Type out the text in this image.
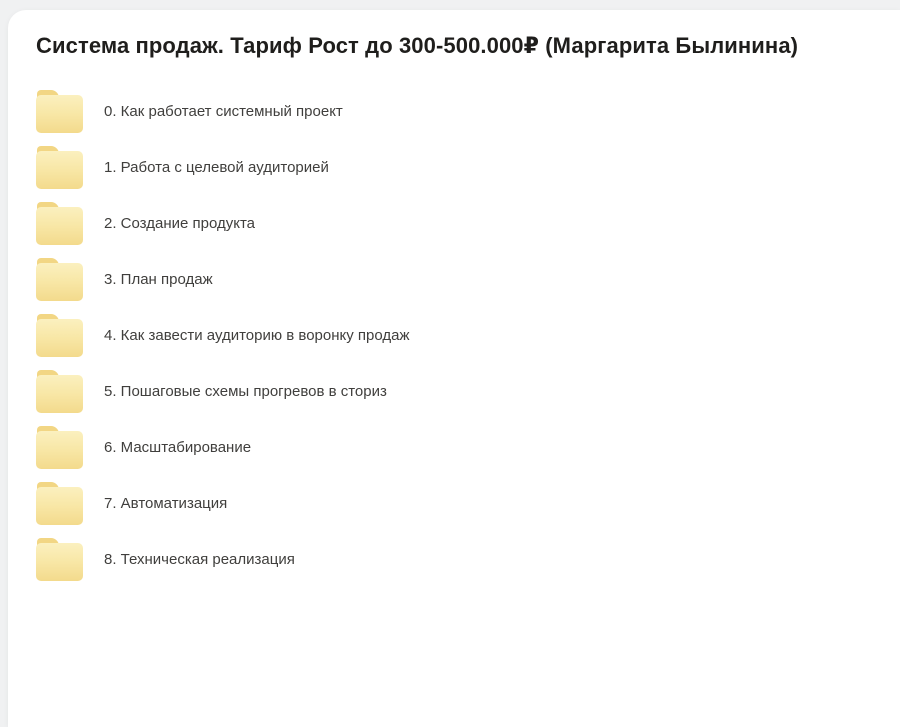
Система продаж. Тариф Рост до 300-500.000₽ (Маргарита Былинина)
0. Как работает системный проект
1. Работа с целевой аудиторией
2. Создание продукта
3. План продаж
4. Как завести аудиторию в воронку продаж
5. Пошаговые схемы прогревов в сториз
6. Масштабирование
7. Автоматизация
8. Техническая реализация
